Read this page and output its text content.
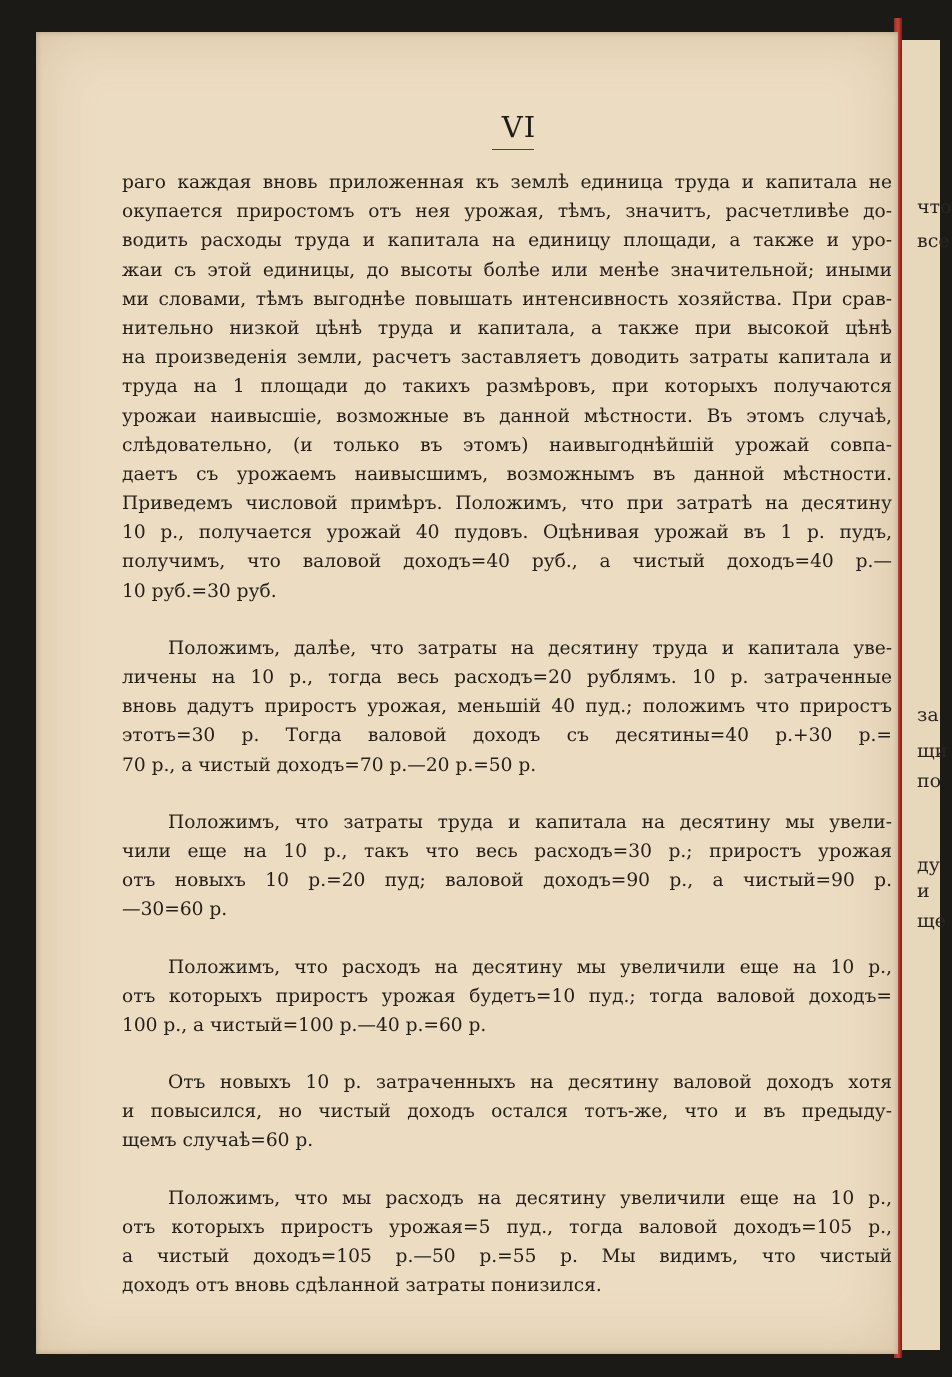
что
все
за
щи
по
ду
и
ще
VI
раго каждая вновь приложенная къ землѣ единица труда и капитала не
окупается приростомъ отъ нея урожая, тѣмъ, значитъ, расчетливѣе до-
водить расходы труда и капитала на единицу площади, а также и уро-
жаи съ этой единицы, до высоты болѣе или менѣе значительной; иными
ми словами, тѣмъ выгоднѣе повышать интенсивность хозяйства. При срав-
нительно низкой цѣнѣ труда и капитала, а также при высокой цѣнѣ
на произведенія земли, расчетъ заставляетъ доводить затраты капитала и
труда на 1 площади до такихъ размѣровъ, при которыхъ получаются
урожаи наивысшіе, возможные въ данной мѣстности. Въ этомъ случаѣ,
слѣдовательно, (и только въ этомъ) наивыгоднѣйшій урожай совпа-
даетъ съ урожаемъ наивысшимъ, возможнымъ въ данной мѣстности.
Приведемъ числовой примѣръ. Положимъ, что при затратѣ на десятину
10 р., получается урожай 40 пудовъ. Оцѣнивая урожай въ 1 р. пудъ,
получимъ, что валовой доходъ=40 руб., а чистый доходъ=40 р.—
10 руб.=30 руб.
Положимъ, далѣе, что затраты на десятину труда и капитала уве-
личены на 10 р., тогда весь расходъ=20 рублямъ. 10 р. затраченные
вновь дадутъ приростъ урожая, меньшій 40 пуд.; положимъ что приростъ
этотъ=30 р. Тогда валовой доходъ съ десятины=40 р.+30 р.=
70 р., а чистый доходъ=70 р.—20 р.=50 р.
Положимъ, что затраты труда и капитала на десятину мы увели-
чили еще на 10 р., такъ что весь расходъ=30 р.; приростъ урожая
отъ новыхъ 10 р.=20 пуд; валовой доходъ=90 р., а чистый=90 р.
—30=60 р.
Положимъ, что расходъ на десятину мы увеличили еще на 10 р.,
отъ которыхъ приростъ урожая будетъ=10 пуд.; тогда валовой доходъ=
100 р., а чистый=100 р.—40 р.=60 р.
Отъ новыхъ 10 р. затраченныхъ на десятину валовой доходъ хотя
и повысился, но чистый доходъ остался тотъ-же, что и въ предыду-
щемъ случаѣ=60 р.
Положимъ, что мы расходъ на десятину увеличили еще на 10 р.,
отъ которыхъ приростъ урожая=5 пуд., тогда валовой доходъ=105 р.,
а чистый доходъ=105 р.—50 р.=55 р. Мы видимъ, что чистый
доходъ отъ вновь сдѣланной затраты понизился.
